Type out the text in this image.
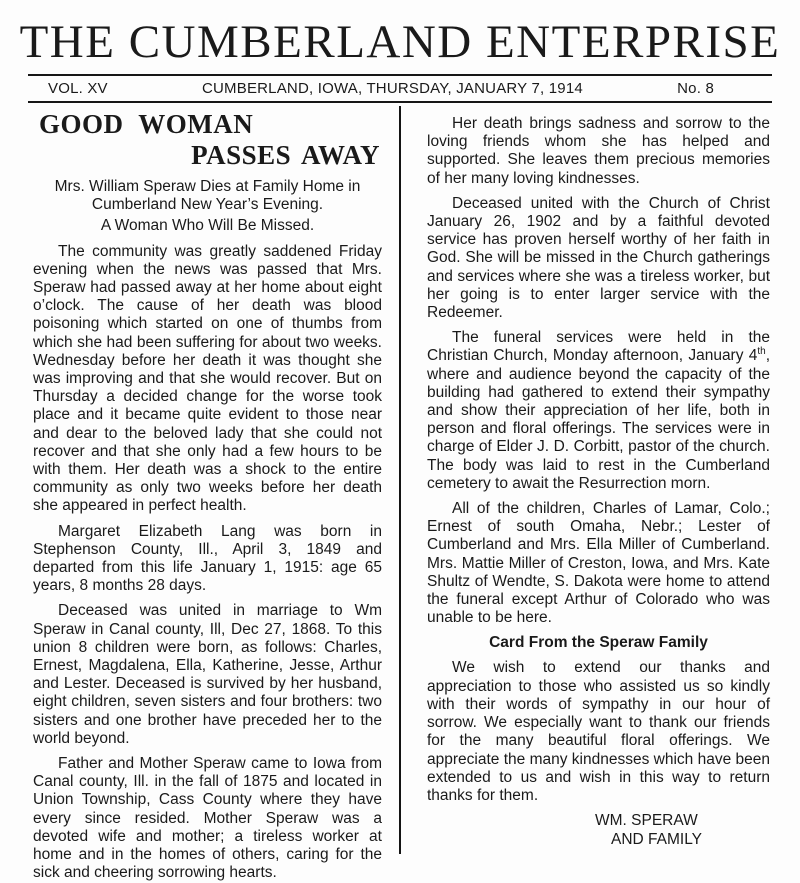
THE CUMBERLAND ENTERPRISE
VOL. XV	CUMBERLAND, IOWA, THURSDAY, JANUARY 7, 1914	No. 8
GOOD WOMAN
PASSES AWAY
Mrs. William Speraw Dies at Family Home in Cumberland New Year’s Evening.
A Woman Who Will Be Missed.

The community was greatly saddened Friday evening when the news was passed that Mrs. Speraw had passed away at her home about eight o’clock. The cause of her death was blood poisoning which started on one of thumbs from which she had been suffering for about two weeks. Wednesday before her death it was thought she was improving and that she would recover. But on Thursday a decided change for the worse took place and it became quite evident to those near and dear to the beloved lady that she could not recover and that she only had a few hours to be with them. Her death was a shock to the entire community as only two weeks before her death she appeared in perfect health.

Margaret Elizabeth Lang was born in Stephenson County, Ill., April 3, 1849 and departed from this life January 1, 1915: age 65 years, 8 months 28 days.

Deceased was united in marriage to Wm Speraw in Canal county, Ill, Dec 27, 1868. To this union 8 children were born, as follows: Charles, Ernest, Magdalena, Ella, Katherine, Jesse, Arthur and Lester. Deceased is survived by her husband, eight children, seven sisters and four brothers: two sisters and one brother have preceded her to the world beyond.

Father and Mother Speraw came to Iowa from Canal county, Ill. in the fall of 1875 and located in Union Township, Cass County where they have every since resided. Mother Speraw was a devoted wife and mother; a tireless worker at home and in the homes of others, caring for the sick and cheering sorrowing hearts.

Her death brings sadness and sorrow to the loving friends whom she has helped and supported. She leaves them precious memories of her many loving kindnesses.

Deceased united with the Church of Christ January 26, 1902 and by a faithful devoted service has proven herself worthy of her faith in God. She will be missed in the Church gatherings and services where she was a tireless worker, but her going is to enter larger service with the Redeemer.

The funeral services were held in the Christian Church, Monday afternoon, January 4th, where and audience beyond the capacity of the building had gathered to extend their sympathy and show their appreciation of her life, both in person and floral offerings. The services were in charge of Elder J. D. Corbitt, pastor of the church. The body was laid to rest in the Cumberland cemetery to await the Resurrection morn.

All of the children, Charles of Lamar, Colo.; Ernest of south Omaha, Nebr.; Lester of Cumberland and Mrs. Ella Miller of Cumberland. Mrs. Mattie Miller of Creston, Iowa, and Mrs. Kate Shultz of Wendte, S. Dakota were home to attend the funeral except Arthur of Colorado who was unable to be here.

Card From the Speraw Family

We wish to extend our thanks and appreciation to those who assisted us so kindly with their words of sympathy in our hour of sorrow. We especially want to thank our friends for the many beautiful floral offerings. We appreciate the many kindnesses which have been extended to us and wish in this way to return thanks for them.

WM. SPERAW
AND FAMILY
